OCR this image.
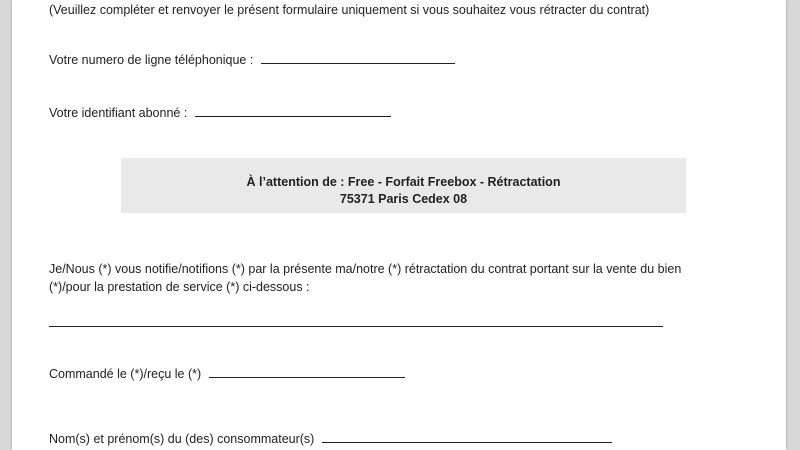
(Veuillez compléter et renvoyer le présent formulaire uniquement si vous souhaitez vous rétracter du contrat)
Votre numero de ligne téléphonique :
Votre identifiant abonné :
À l’attention de : Free - Forfait Freebox - Rétractation
75371 Paris Cedex 08
Je/Nous (*) vous notifie/notifions (*) par la présente ma/notre (*) rétractation du contrat portant sur la vente du bien
(*)/pour la prestation de service (*) ci-dessous :
Commandé le (*)/reçu le (*)
Nom(s) et prénom(s) du (des) consommateur(s)
